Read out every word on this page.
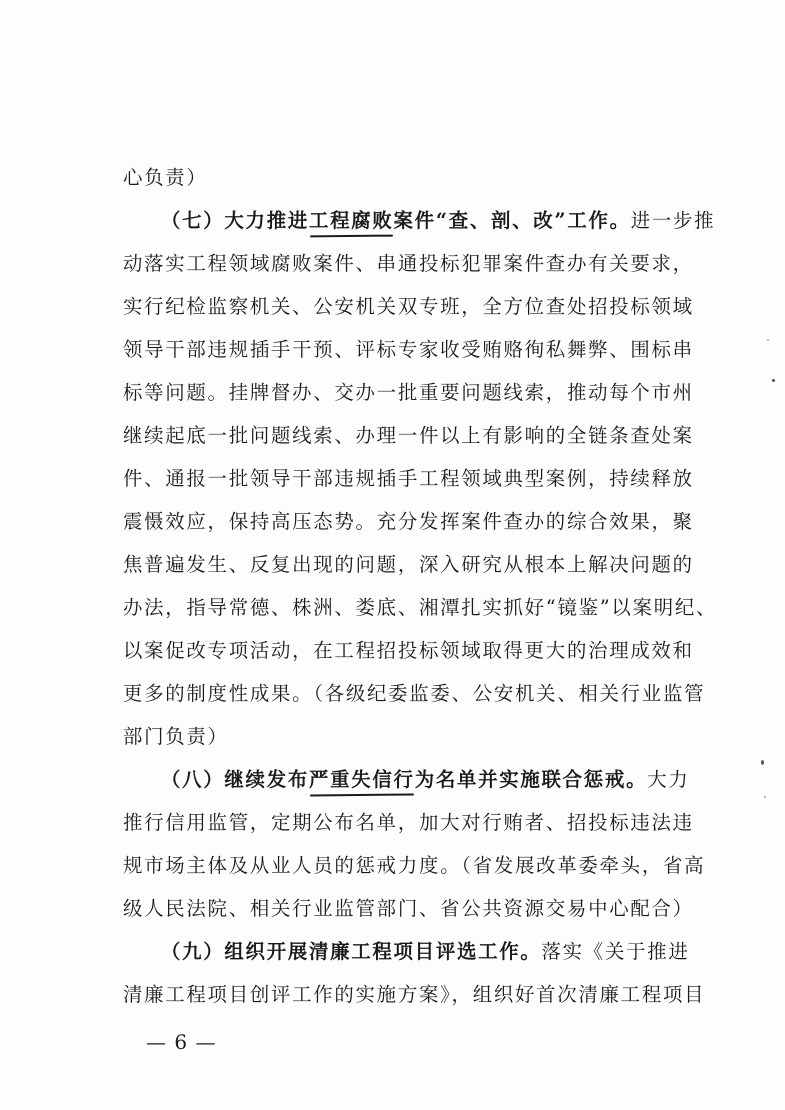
心负责）
（七）大力推进工程腐败案件“查、剖、改”工作。进一步推
动落实工程领域腐败案件、串通投标犯罪案件查办有关要求，
实行纪检监察机关、公安机关双专班，全方位查处招投标领域
领导干部违规插手干预、评标专家收受贿赂徇私舞弊、围标串
标等问题。挂牌督办、交办一批重要问题线索，推动每个市州
继续起底一批问题线索、办理一件以上有影响的全链条查处案
件、通报一批领导干部违规插手工程领域典型案例，持续释放
震慑效应，保持高压态势。充分发挥案件查办的综合效果，聚
焦普遍发生、反复出现的问题，深入研究从根本上解决问题的
办法，指导常德、株洲、娄底、湘潭扎实抓好“镜鉴”以案明纪、
以案促改专项活动，在工程招投标领域取得更大的治理成效和
更多的制度性成果。（各级纪委监委、公安机关、相关行业监管
部门负责）
（八）继续发布严重失信行为名单并实施联合惩戒。大力
推行信用监管，定期公布名单，加大对行贿者、招投标违法违
规市场主体及从业人员的惩戒力度。（省发展改革委牵头，省高
级人民法院、相关行业监管部门、省公共资源交易中心配合）
（九）组织开展清廉工程项目评选工作。落实《关于推进
清廉工程项目创评工作的实施方案》，组织好首次清廉工程项目
— 6 —
